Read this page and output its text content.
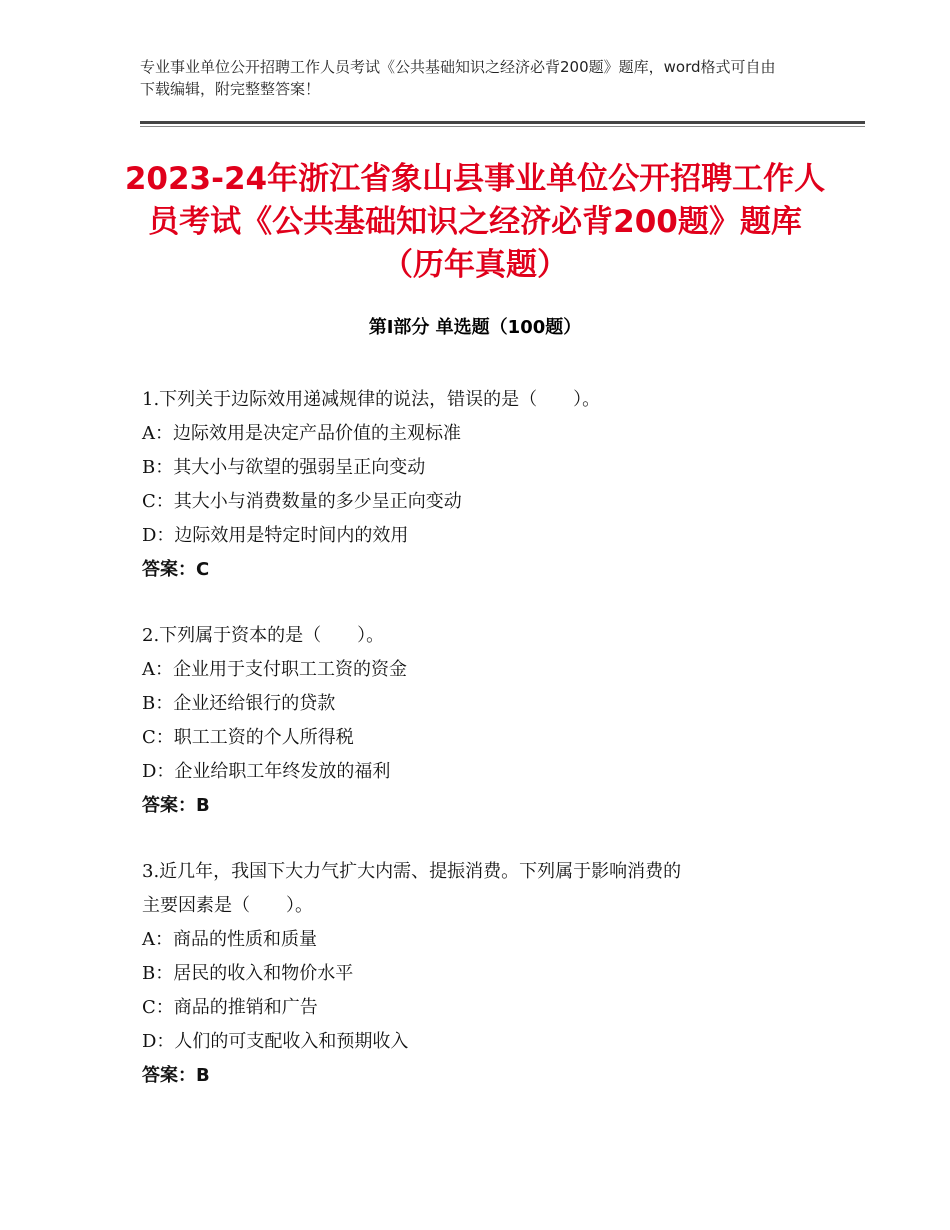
专业事业单位公开招聘工作人员考试《公共基础知识之经济必背200题》题库，word格式可自由下载编辑，附完整整答案！
2023-24年浙江省象山县事业单位公开招聘工作人员考试《公共基础知识之经济必背200题》题库（历年真题）
第Ⅰ部分 单选题（100题）
1.下列关于边际效用递减规律的说法，错误的是（　　）。
A：边际效用是决定产品价值的主观标准
B：其大小与欲望的强弱呈正向变动
C：其大小与消费数量的多少呈正向变动
D：边际效用是特定时间内的效用
答案：C
2.下列属于资本的是（　　）。
A：企业用于支付职工工资的资金
B：企业还给银行的贷款
C：职工工资的个人所得税
D：企业给职工年终发放的福利
答案：B
3.近几年，我国下大力气扩大内需、提振消费。下列属于影响消费的
主要因素是（　　）。
A：商品的性质和质量
B：居民的收入和物价水平
C：商品的推销和广告
D：人们的可支配收入和预期收入
答案：B
